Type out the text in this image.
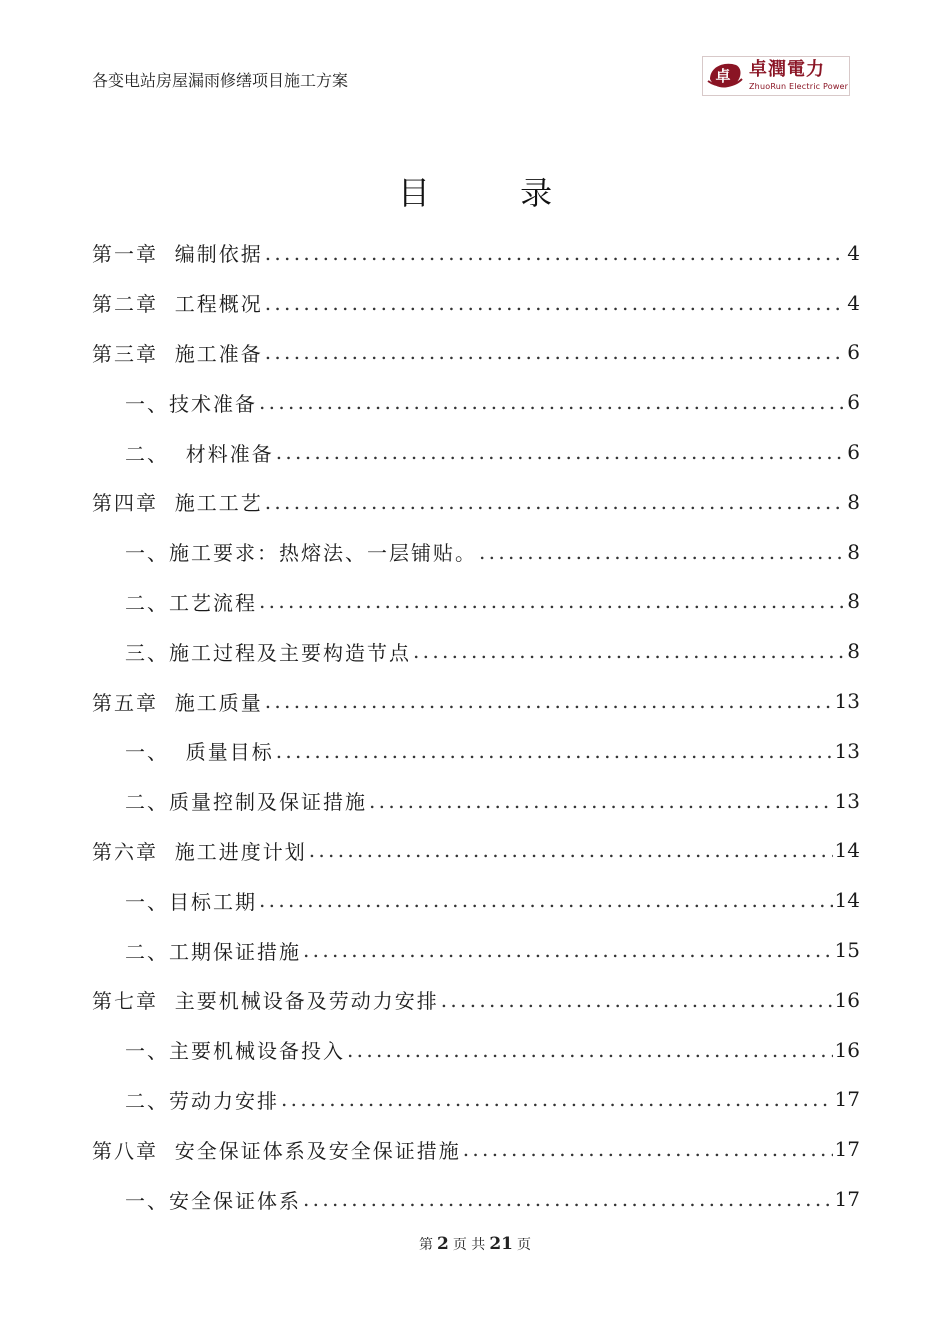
各变电站房屋漏雨修缮项目施工方案	卓 卓潤電力
ZhuoRun Electric Power
目 录
第一章  编制依据 .....	4
第二章  工程概况 .....	4
第三章  施工准备 .....	6
一、技术准备 .....	6
二、  材料准备 .....	6
第四章  施工工艺 .....	8
一、施工要求：热熔法、一层铺贴。 .....	8
二、工艺流程 .....	8
三、施工过程及主要构造节点 .....	8
第五章  施工质量 .....	13
一、  质量目标 .....	13
二、质量控制及保证措施 .....	13
第六章  施工进度计划 .....	14
一、目标工期 .....	14
二、工期保证措施 .....	15
第七章  主要机械设备及劳动力安排 .....	16
一、主要机械设备投入 .....	16
二、劳动力安排 .....	17
第八章  安全保证体系及安全保证措施 .....	17
一、安全保证体系 .....	17
第 2 页 共 21 页
